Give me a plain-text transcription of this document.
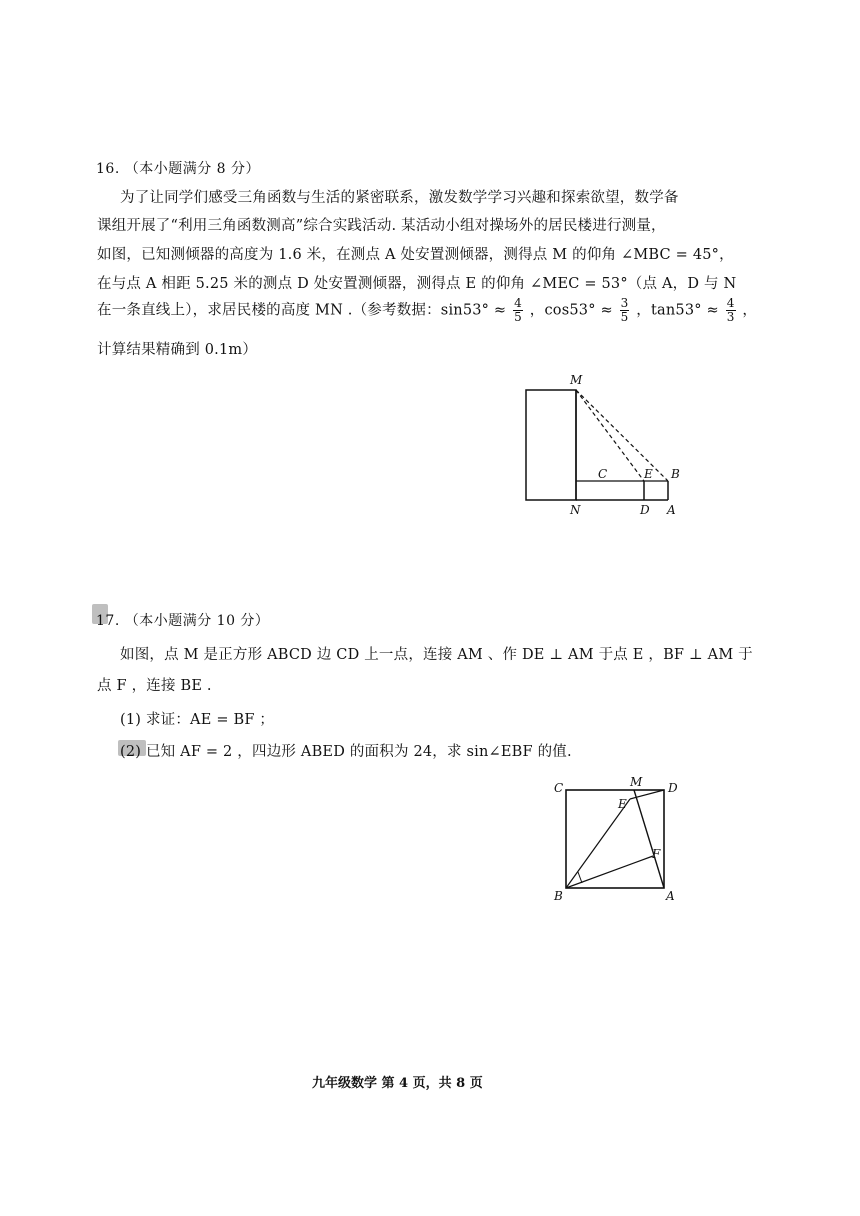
16. （本小题满分 8 分）
为了让同学们感受三角函数与生活的紧密联系，激发数学学习兴趣和探索欲望，数学备
课组开展了“利用三角函数测高”综合实践活动. 某活动小组对操场外的居民楼进行测量，
如图，已知测倾器的高度为 1.6 米，在测点 A 处安置测倾器，测得点 M 的仰角 ∠MBC = 45°，
在与点 A 相距 5.25 米的测点 D 处安置测倾器，测得点 E 的仰角 ∠MEC = 53°（点 A，D 与 N
在一条直线上），求居民楼的高度 MN .（参考数据：$\sin 53^\circ \approx \frac{4}{5}$ ，$\cos 53^\circ \approx \frac{3}{5}$ ，$\tan 53^\circ \approx \frac{4}{3}$ ，
计算结果精确到 0.1m）
M
C	E B
N	D A
17. （本小题满分 10 分）
如图，点 M 是正方形 ABCD 边 CD 上一点，连接 AM 、作 DE ⊥ AM 于点 E ，BF ⊥ AM 于
点 F ，连接 BE .
(1) 求证：AE = BF ；
(2) 已知 AF = 2 ，四边形 ABED 的面积为 24，求 sin∠EBF 的值.
C	M D
E
F
B	A
九年级数学 第 4 页，共 8 页
